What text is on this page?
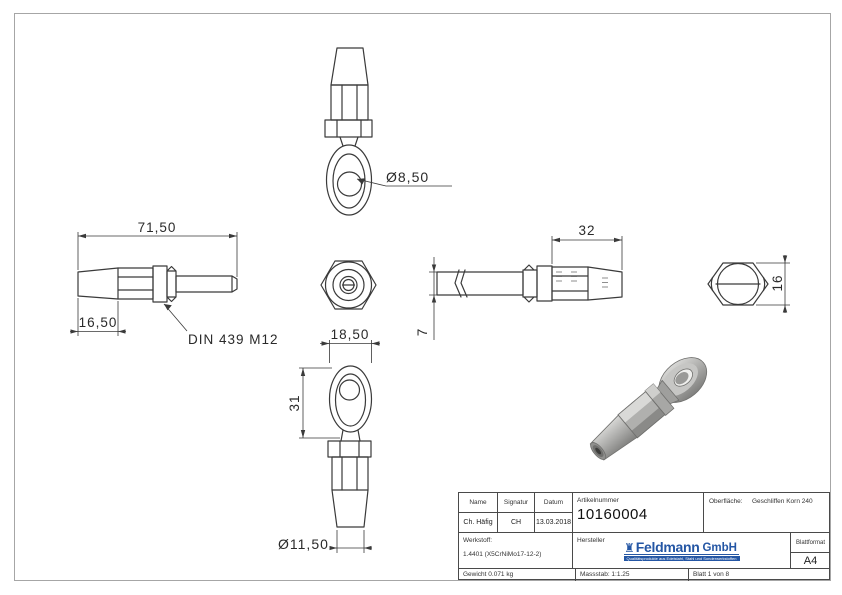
Ø8,50
71,50
16,50
DIN 439 M12
32
7
16
18,50
31
Ø11,50
Name	Signatur	Datum
Ch. Häfig	CH	13.03.2018
Artikelnummer
10160004
Oberfläche: Geschliffen Korn 240
Werkstoff:
1.4401 (X5CrNiMo17-12-2)
Hersteller
♜ Feldmann GmbH
Qualitätsprodukte aus Edelstahl, Stahl und Sonderwerkstoffen
Blattformat
A4
Gewicht 0.071 kg	Massstab: 1:1.25	Blatt 1 von 8
